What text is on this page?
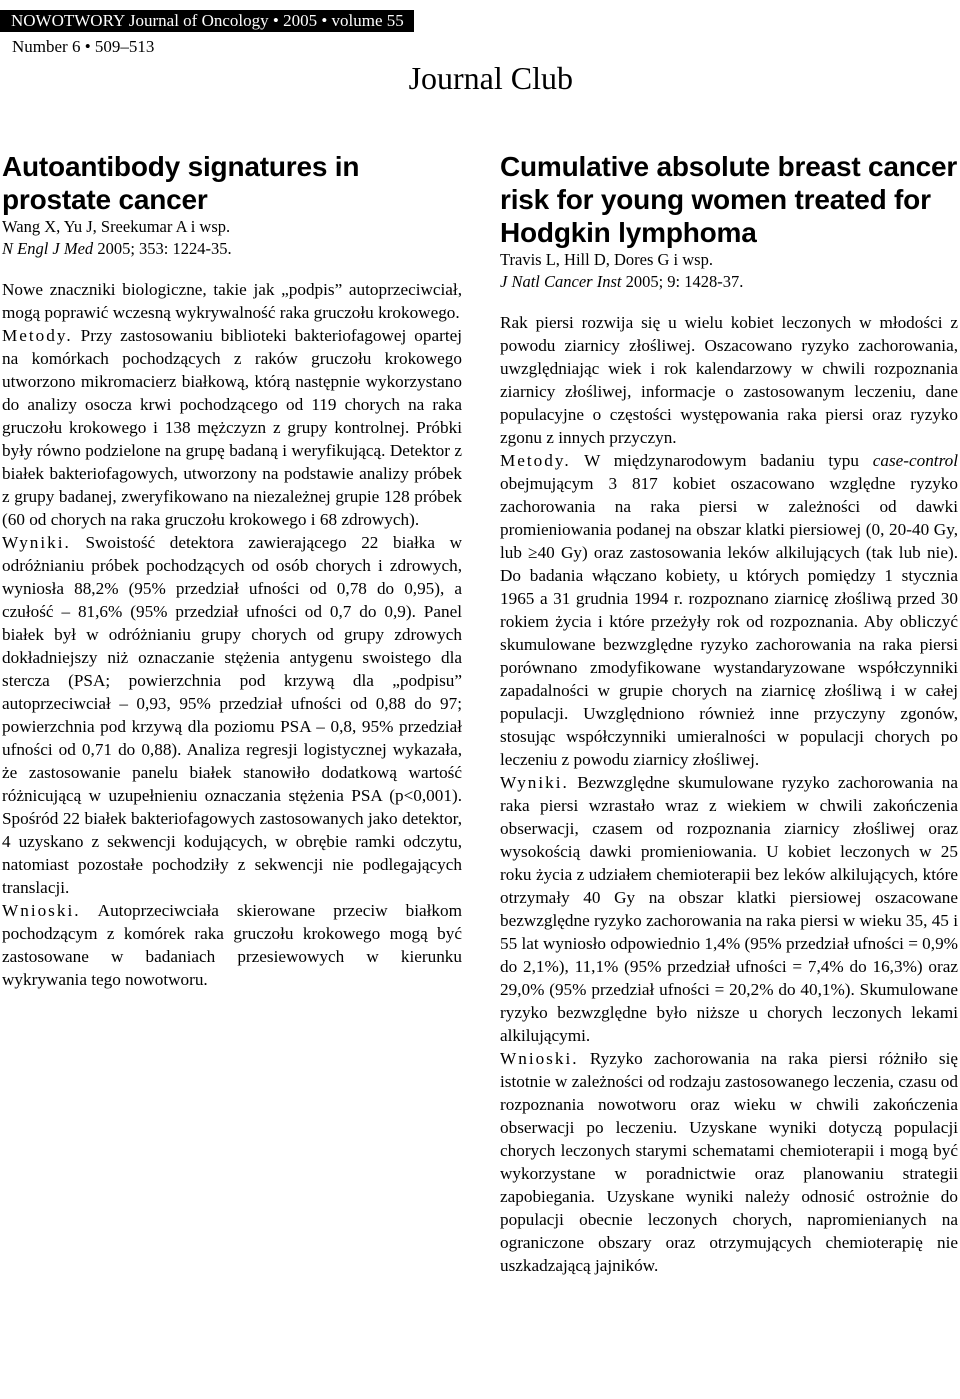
NOWOTWORY Journal of Oncology • 2005 • volume 55
Number 6 • 509–513
Journal Club
Autoantibody signatures in prostate cancer

Wang X, Yu J, Sreekumar A i wsp.

N Engl J Med 2005; 353: 1224-35.

Nowe znaczniki biologiczne, takie jak „podpis” autoprzeciwciał, mogą poprawić wczesną wykrywalność raka gruczołu krokowego.

Metody. Przy zastosowaniu biblioteki bakteriofagowej opartej na komórkach pochodzących z raków gruczołu krokowego utworzono mikromacierz białkową, którą następnie wykorzystano do analizy osocza krwi pochodzącego od 119 chorych na raka gruczołu krokowego i 138 mężczyzn z grupy kontrolnej. Próbki były równo podzielone na grupę badaną i weryfikującą. Detektor z białek bakteriofagowych, utworzony na podstawie analizy próbek z grupy badanej, zweryfikowano na niezależnej grupie 128 próbek (60 od chorych na raka gruczołu krokowego i 68 zdrowych).

Wyniki. Swoistość detektora zawierającego 22 białka w odróżnianiu próbek pochodzących od osób chorych i zdrowych, wyniosła 88,2% (95% przedział ufności od 0,78 do 0,95), a czułość – 81,6% (95% przedział ufności od 0,7 do 0,9). Panel białek był w odróżnianiu grupy chorych od grupy zdrowych dokładniejszy niż oznaczanie stężenia antygenu swoistego dla stercza (PSA; powierzchnia pod krzywą dla „podpisu” autoprzeciwciał – 0,93, 95% przedział ufności od 0,88 do 97; powierzchnia pod krzywą dla poziomu PSA – 0,8, 95% przedział ufności od 0,71 do 0,88). Analiza regresji logistycznej wykazała, że zastosowanie panelu białek stanowiło dodatkową wartość różnicującą w uzupełnieniu oznaczania stężenia PSA (p<0,001). Spośród 22 białek bakteriofagowych zastosowanych jako detektor, 4 uzyskano z sekwencji kodujących, w obrębie ramki odczytu, natomiast pozostałe pochodziły z sekwencji nie podlegających translacji.

Wnioski. Autoprzeciwciała skierowane przeciw białkom pochodzącym z komórek raka gruczołu krokowego mogą być zastosowane w badaniach przesiewowych w kierunku wykrywania tego nowotworu.

Cumulative absolute breast cancer risk for young women treated for Hodgkin lymphoma

Travis L, Hill D, Dores G i wsp.

J Natl Cancer Inst 2005; 9: 1428-37.

Rak piersi rozwija się u wielu kobiet leczonych w młodości z powodu ziarnicy złośliwej. Oszacowano ryzyko zachorowania, uwzględniając wiek i rok kalendarzowy w chwili rozpoznania ziarnicy złośliwej, informacje o zastosowanym leczeniu, dane populacyjne o częstości występowania raka piersi oraz ryzyko zgonu z innych przyczyn.

Metody. W międzynarodowym badaniu typu case-control obejmującym 3 817 kobiet oszacowano względne ryzyko zachorowania na raka piersi w zależności od dawki promieniowania podanej na obszar klatki piersiowej (0, 20-40 Gy, lub ≥40 Gy) oraz zastosowania leków alkilujących (tak lub nie). Do badania włączano kobiety, u których pomiędzy 1 stycznia 1965 a 31 grudnia 1994 r. rozpoznano ziarnicę złośliwą przed 30 rokiem życia i które przeżyły rok od rozpoznania. Aby obliczyć skumulowane bezwzględne ryzyko zachorowania na raka piersi porównano zmodyfikowane wystandaryzowane współczynniki zapadalności w grupie chorych na ziarnicę złośliwą i w całej populacji. Uwzględniono również inne przyczyny zgonów, stosując współczynniki umieralności w populacji chorych po leczeniu z powodu ziarnicy złośliwej.

Wyniki. Bezwzględne skumulowane ryzyko zachorowania na raka piersi wzrastało wraz z wiekiem w chwili zakończenia obserwacji, czasem od rozpoznania ziarnicy złośliwej oraz wysokością dawki promieniowania. U kobiet leczonych w 25 roku życia z udziałem chemioterapii bez leków alkilujących, które otrzymały 40 Gy na obszar klatki piersiowej oszacowane bezwzględne ryzyko zachorowania na raka piersi w wieku 35, 45 i 55 lat wyniosło odpowiednio 1,4% (95% przedział ufności = 0,9% do 2,1%), 11,1% (95% przedział ufności = 7,4% do 16,3%) oraz 29,0% (95% przedział ufności = 20,2% do 40,1%). Skumulowane ryzyko bezwzględne było niższe u chorych leczonych lekami alkilującymi.

Wnioski. Ryzyko zachorowania na raka piersi różniło się istotnie w zależności od rodzaju zastosowanego leczenia, czasu od rozpoznania nowotworu oraz wieku w chwili zakończenia obserwacji po leczeniu. Uzyskane wyniki dotyczą populacji chorych leczonych starymi schematami chemioterapii i mogą być wykorzystane w poradnictwie oraz planowaniu strategii zapobiegania. Uzyskane wyniki należy odnosić ostrożnie do populacji obecnie leczonych chorych, napromienianych na ograniczone obszary oraz otrzymujących chemioterapię nie uszkadzającą jajników.
